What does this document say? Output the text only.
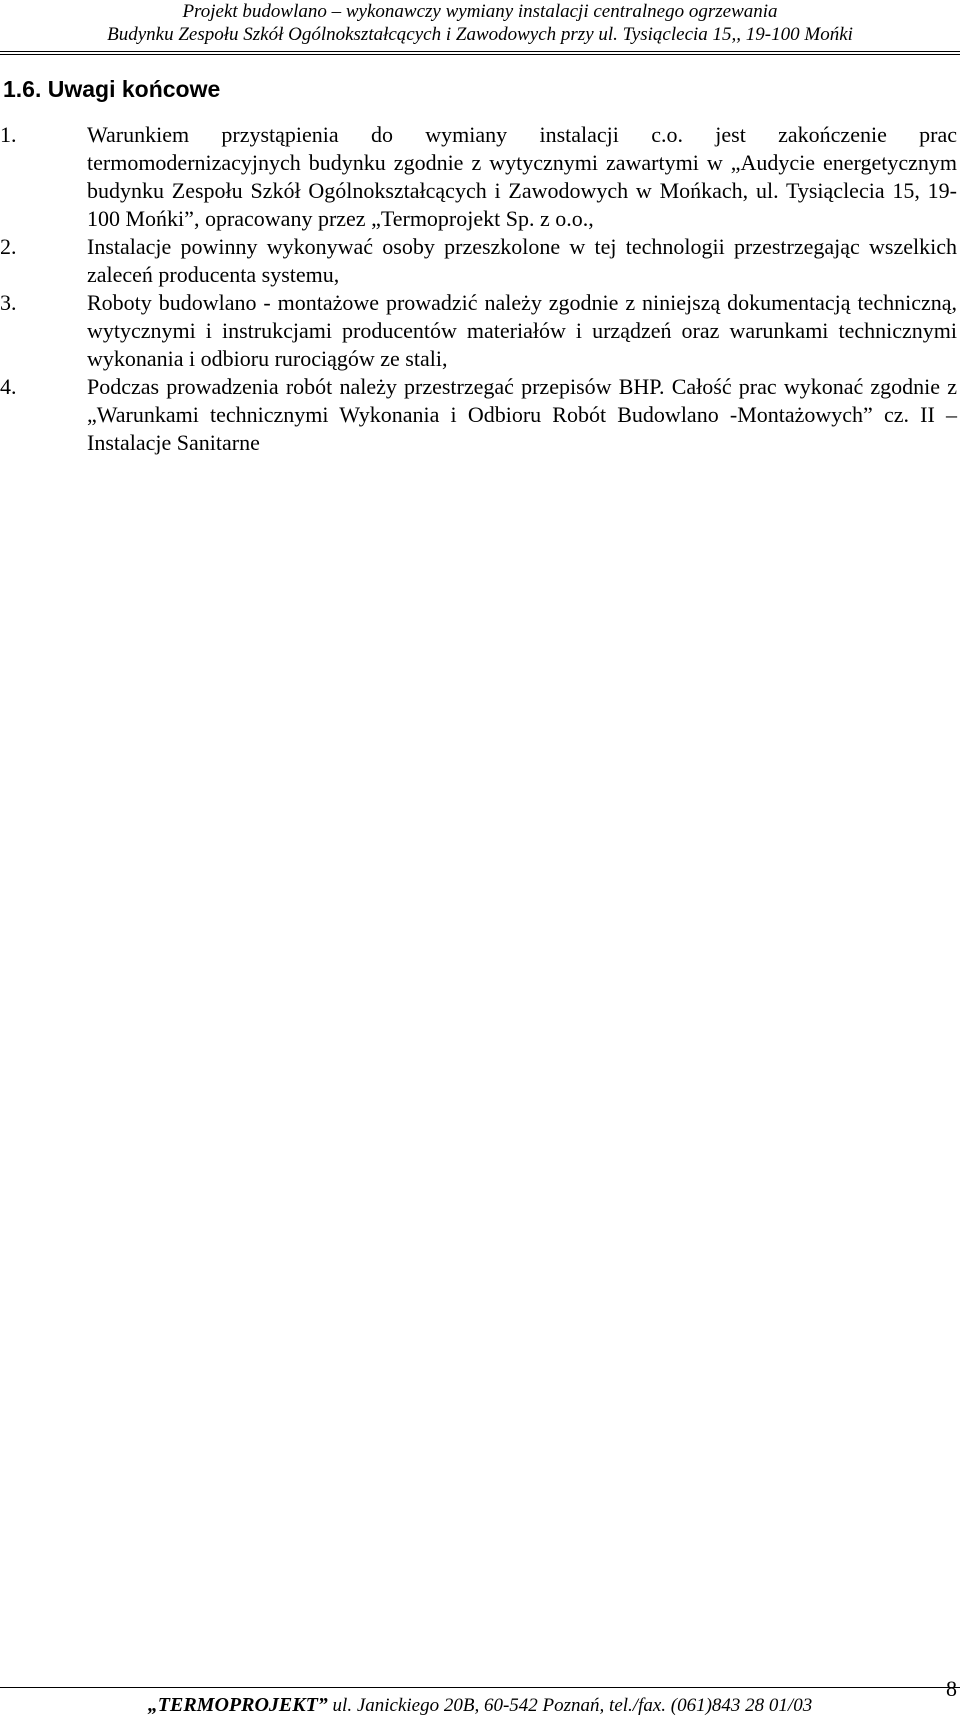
Projekt budowlano – wykonawczy wymiany instalacji centralnego ogrzewania
Budynku Zespołu Szkół Ogólnokształcących i Zawodowych przy ul. Tysiąclecia 15,, 19-100 Mońki
1.6. Uwagi końcowe
1.	Warunkiem przystąpienia do wymiany instalacji c.o. jest zakończenie prac termomodernizacyjnych budynku zgodnie z wytycznymi zawartymi w „Audycie energetycznym budynku Zespołu Szkół Ogólnokształcących i Zawodowych w Mońkach, ul. Tysiąclecia 15, 19-100 Mońki”, opracowany przez „Termoprojekt Sp. z o.o.,
2.	Instalacje powinny wykonywać osoby przeszkolone w tej technologii przestrzegając wszelkich zaleceń producenta systemu,
3.	Roboty budowlano - montażowe prowadzić należy zgodnie z niniejszą dokumentacją techniczną, wytycznymi i instrukcjami producentów materiałów i urządzeń oraz warunkami technicznymi wykonania i odbioru rurociągów ze stali,
4.	Podczas prowadzenia robót należy przestrzegać przepisów BHP. Całość prac wykonać zgodnie z „Warunkami technicznymi Wykonania i Odbioru Robót Budowlano -Montażowych” cz. II – Instalacje Sanitarne
8
„TERMOPROJEKT” ul. Janickiego 20B, 60-542 Poznań, tel./fax. (061)843 28 01/03
